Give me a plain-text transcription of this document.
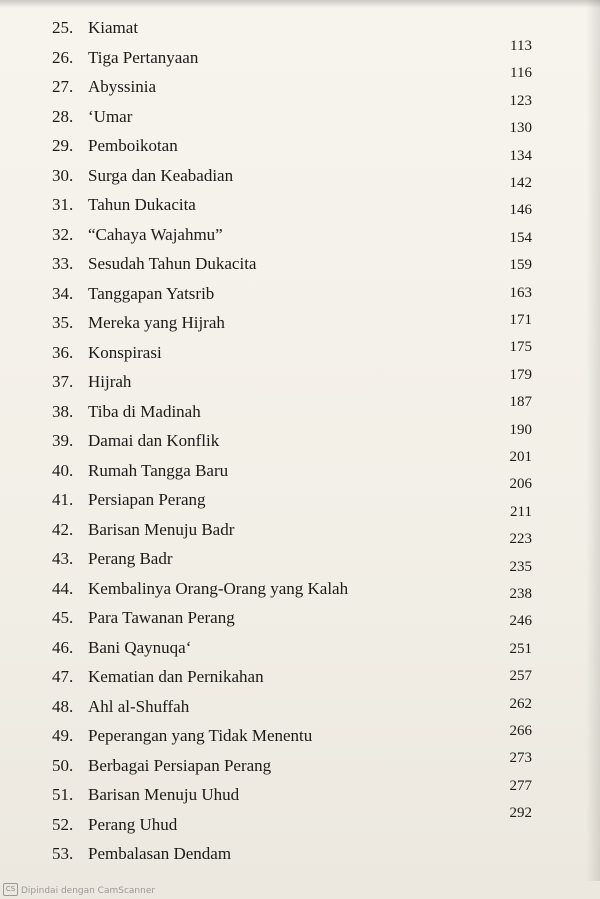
25. Kiamat
26. Tiga Pertanyaan
27. Abyssinia
28. ‘Umar
29. Pemboikotan
30. Surga dan Keabadian
31. Tahun Dukacita
32. “Cahaya Wajahmu”
33. Sesudah Tahun Dukacita
34. Tanggapan Yatsrib
35. Mereka yang Hijrah
36. Konspirasi
37. Hijrah
38. Tiba di Madinah
39. Damai dan Konflik
40. Rumah Tangga Baru
41. Persiapan Perang
42. Barisan Menuju Badr
43. Perang Badr
44. Kembalinya Orang-Orang yang Kalah
45. Para Tawanan Perang
46. Bani Qaynuqa‘
47. Kematian dan Pernikahan
48. Ahl al-Shuffah
49. Peperangan yang Tidak Menentu
50. Berbagai Persiapan Perang
51. Barisan Menuju Uhud
52. Perang Uhud
53. Pembalasan Dendam
113
116
123
130
134
142
146
154
159
163
171
175
179
187
190
201
206
211
223
235
238
246
251
257
262
266
273
277
292
CS Dipindai dengan CamScanner
